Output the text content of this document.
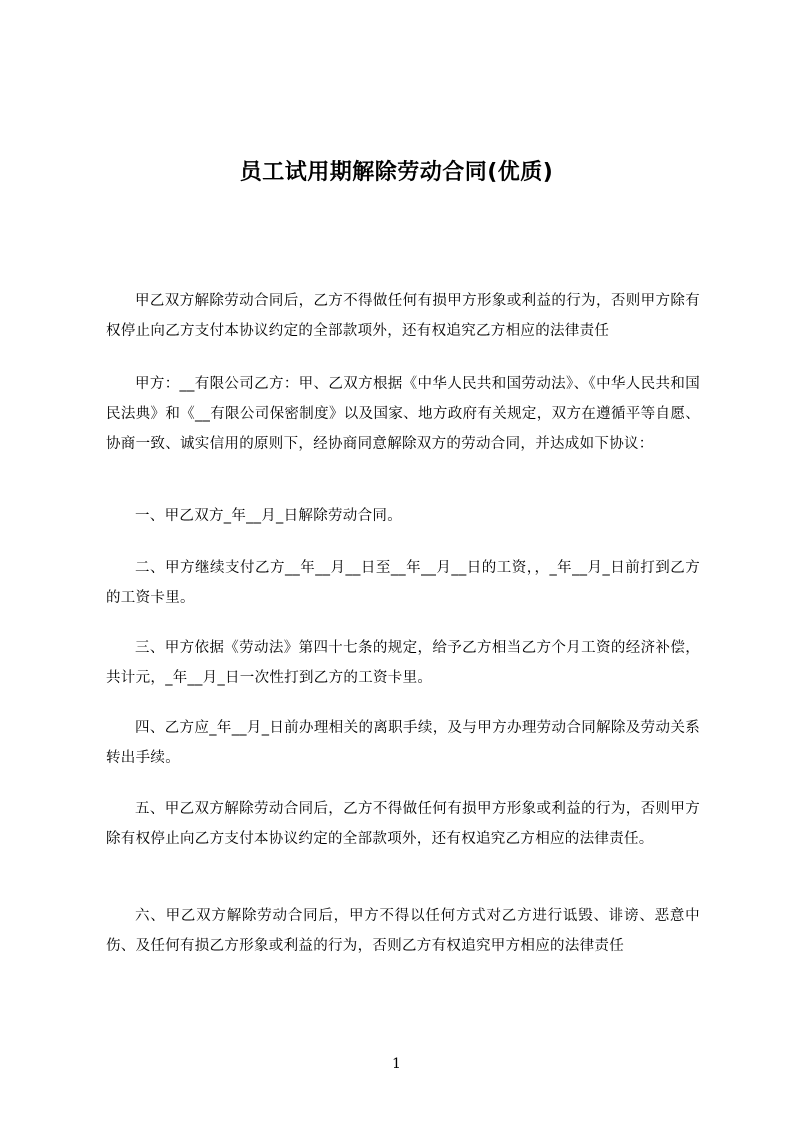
员工试用期解除劳动合同(优质)

甲乙双方解除劳动合同后，乙方不得做任何有损甲方形象或利益的行为，否则甲方除有权停止向乙方支付本协议约定的全部款项外，还有权追究乙方相应的法律责任

甲方：__有限公司乙方：甲、乙双方根据《中华人民共和国劳动法》、《中华人民共和国民法典》和《__有限公司保密制度》以及国家、地方政府有关规定，双方在遵循平等自愿、协商一致、诚实信用的原则下，经协商同意解除双方的劳动合同，并达成如下协议：

一、甲乙双方_年__月_日解除劳动合同。

二、甲方继续支付乙方__年__月__日至__年__月__日的工资，，_年__月_日前打到乙方的工资卡里。

三、甲方依据《劳动法》第四十七条的规定，给予乙方相当乙方个月工资的经济补偿，共计元，_年__月_日一次性打到乙方的工资卡里。

四、乙方应_年__月_日前办理相关的离职手续，及与甲方办理劳动合同解除及劳动关系转出手续。

五、甲乙双方解除劳动合同后，乙方不得做任何有损甲方形象或利益的行为，否则甲方除有权停止向乙方支付本协议约定的全部款项外，还有权追究乙方相应的法律责任。

六、甲乙双方解除劳动合同后，甲方不得以任何方式对乙方进行诋毁、诽谤、恶意中伤、及任何有损乙方形象或利益的行为，否则乙方有权追究甲方相应的法律责任

1
